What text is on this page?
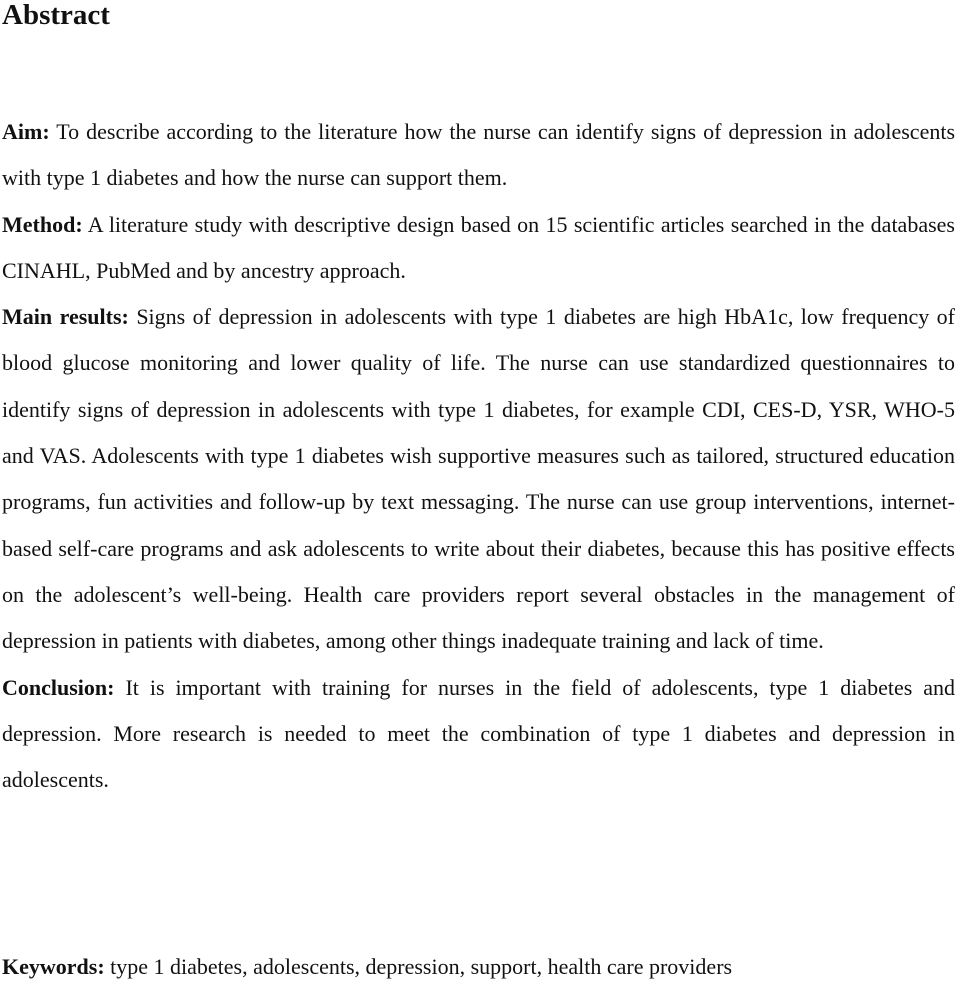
Abstract

Aim: To describe according to the literature how the nurse can identify signs of depression in adolescents with type 1 diabetes and how the nurse can support them.

Method: A literature study with descriptive design based on 15 scientific articles searched in the databases CINAHL, PubMed and by ancestry approach.

Main results: Signs of depression in adolescents with type 1 diabetes are high HbA1c, low frequency of blood glucose monitoring and lower quality of life. The nurse can use standardized questionnaires to identify signs of depression in adolescents with type 1 diabetes, for example CDI, CES-D, YSR, WHO-5 and VAS. Adolescents with type 1 diabetes wish supportive measures such as tailored, structured education programs, fun activities and follow-up by text messaging. The nurse can use group interventions, internet-based self-care programs and ask adolescents to write about their diabetes, because this has positive effects on the adolescent’s well-being. Health care providers report several obstacles in the management of depression in patients with diabetes, among other things inadequate training and lack of time.

Conclusion: It is important with training for nurses in the field of adolescents, type 1 diabetes and depression. More research is needed to meet the combination of type 1 diabetes and depression in adolescents.

Keywords: type 1 diabetes, adolescents, depression, support, health care providers
